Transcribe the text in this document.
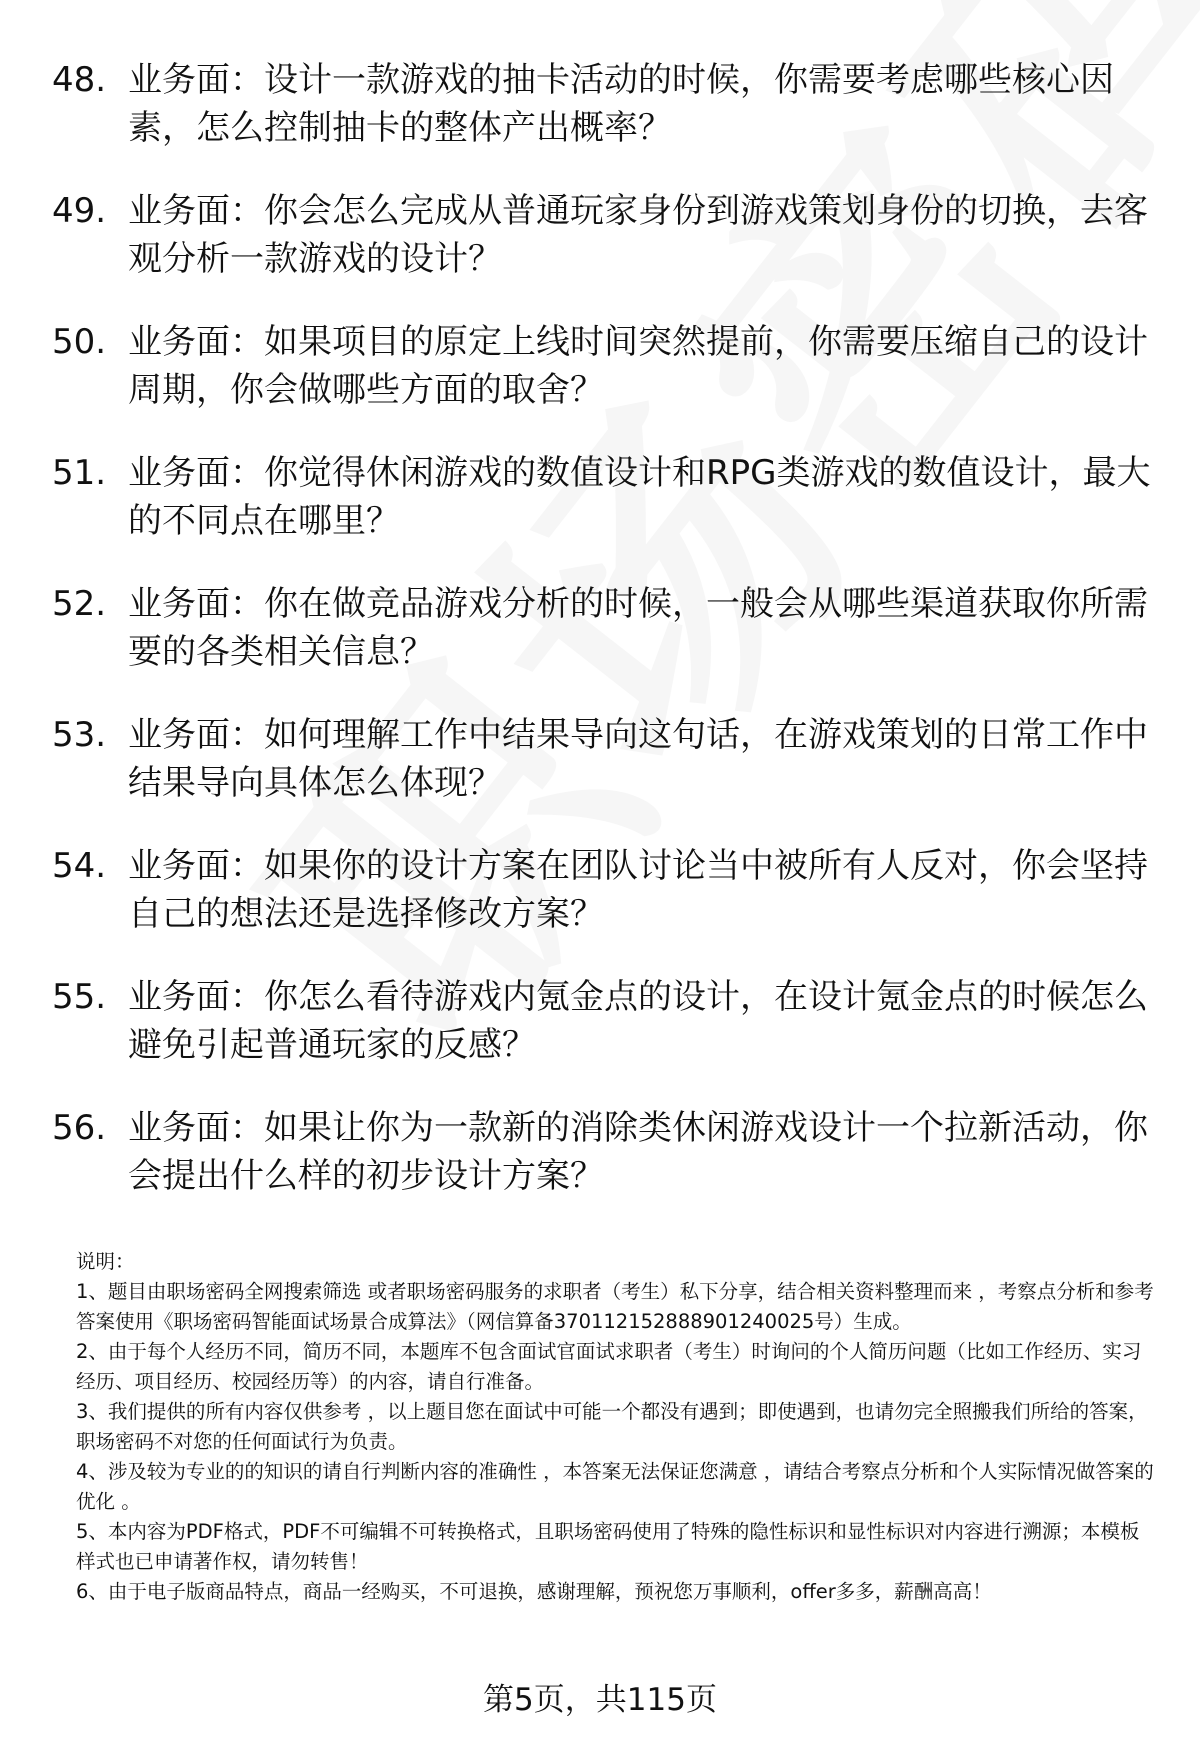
48. 业务面：设计一款游戏的抽卡活动的时候，你需要考虑哪些核心因素，怎么控制抽卡的整体产出概率？
49. 业务面：你会怎么完成从普通玩家身份到游戏策划身份的切换，去客观分析一款游戏的设计？
50. 业务面：如果项目的原定上线时间突然提前，你需要压缩自己的设计周期，你会做哪些方面的取舍？
51. 业务面：你觉得休闲游戏的数值设计和RPG类游戏的数值设计，最大的不同点在哪里？
52. 业务面：你在做竞品游戏分析的时候，一般会从哪些渠道获取你所需要的各类相关信息？
53. 业务面：如何理解工作中结果导向这句话，在游戏策划的日常工作中结果导向具体怎么体现？
54. 业务面：如果你的设计方案在团队讨论当中被所有人反对，你会坚持自己的想法还是选择修改方案？
55. 业务面：你怎么看待游戏内氪金点的设计，在设计氪金点的时候怎么避免引起普通玩家的反感？
56. 业务面：如果让你为一款新的消除类休闲游戏设计一个拉新活动，你会提出什么样的初步设计方案？

说明：

1、题目由职场密码全网搜索筛选 或者职场密码服务的求职者（考生）私下分享，结合相关资料整理而来 ，考察点分析和参考答案使用《职场密码智能面试场景合成算法》（网信算备370112152888901240025号）生成。

2、由于每个人经历不同，简历不同，本题库不包含面试官面试求职者（考生）时询问的个人简历问题（比如工作经历、实习经历、项目经历、校园经历等）的内容，请自行准备。

3、我们提供的所有内容仅供参考 ，以上题目您在面试中可能一个都没有遇到；即使遇到，也请勿完全照搬我们所给的答案，职场密码不对您的任何面试行为负责。

4、涉及较为专业的的知识的请自行判断内容的准确性 ，本答案无法保证您满意 ，请结合考察点分析和个人实际情况做答案的优化 。

5、本内容为PDF格式，PDF不可编辑不可转换格式，且职场密码使用了特殊的隐性标识和显性标识对内容进行溯源；本模板样式也已申请著作权，请勿转售！

6、由于电子版商品特点，商品一经购买，不可退换，感谢理解，预祝您万事顺利，offer多多，薪酬高高！

第5页，共115页
